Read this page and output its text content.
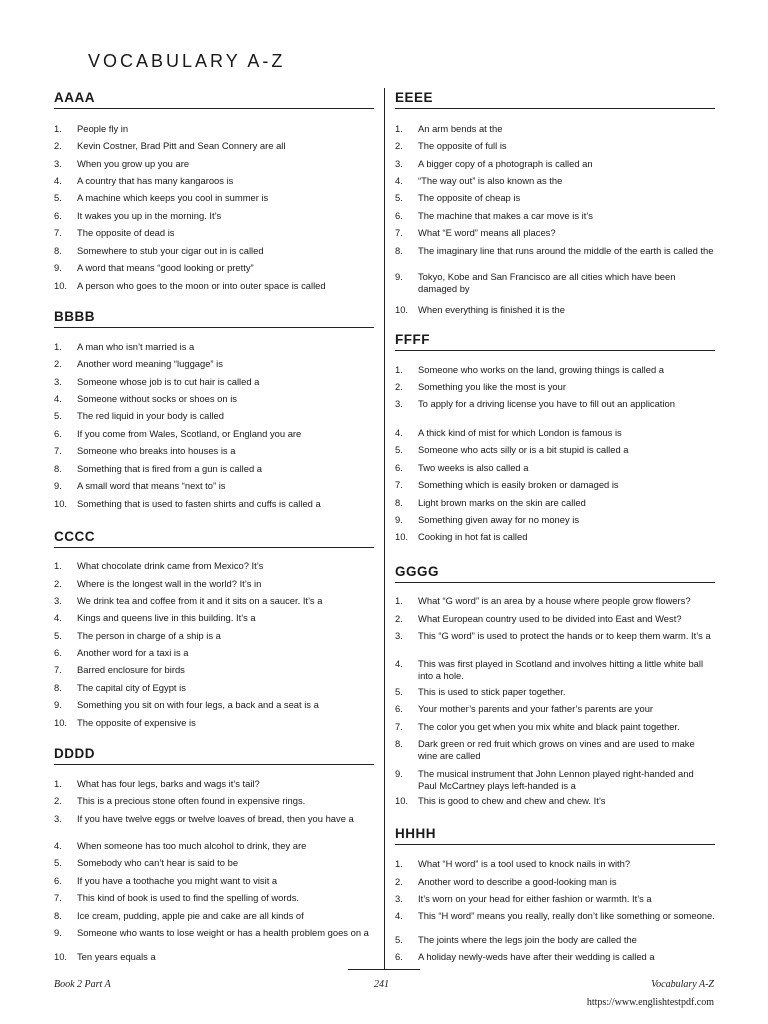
VOCABULARY A-Z
AAAA
1.	People fly in
2.	Kevin Costner, Brad Pitt and Sean Connery are all
3.	When you grow up you are
4.	A country that has many kangaroos is
5.	A machine which keeps you cool in summer is
6.	It wakes you up in the morning. It’s
7.	The opposite of dead is
8.	Somewhere to stub your cigar out in is called
9.	A word that means “good looking or pretty”
10.	A person who goes to the moon or into outer space is called
BBBB
1.	A man who isn’t married is a
2.	Another word meaning “luggage” is
3.	Someone whose job is to cut hair is called a
4.	Someone without socks or shoes on is
5.	The red liquid in your body is called
6.	If you come from Wales, Scotland, or England you are
7.	Someone who breaks into houses is a
8.	Something that is fired from a gun is called a
9.	A small word that means “next to” is
10.	Something that is used to fasten shirts and cuffs is called a
CCCC
1.	What chocolate drink came from Mexico? It’s
2.	Where is the longest wall in the world? It’s in
3.	We drink tea and coffee from it and it sits on a saucer. It’s a
4.	Kings and queens live in this building. It’s a
5.	The person in charge of a ship is a
6.	Another word for a taxi is a
7.	Barred enclosure for birds
8.	The capital city of Egypt is
9.	Something you sit on with four legs, a back and a seat is a
10.	The opposite of expensive is
DDDD
1.	What has four legs, barks and wags it’s tail?
2.	This is a precious stone often found in expensive rings.
3.	If you have twelve eggs or twelve loaves of bread, then you have a
4.	When someone has too much alcohol to drink, they are
5.	Somebody who can’t hear is said to be
6.	If you have a toothache you might want to visit a
7.	This kind of book is used to find the spelling of words.
8.	Ice cream, pudding, apple pie and cake are all kinds of
9.	Someone who wants to lose weight or has a health problem goes on a
10.	Ten years equals a
EEEE
1.	An arm bends at the
2.	The opposite of full is
3.	A bigger copy of a photograph is called an
4.	“The way out” is also known as the
5.	The opposite of cheap is
6.	The machine that makes a car move is it’s
7.	What “E word” means all places?
8.	The imaginary line that runs around the middle of the earth is called the
9.	Tokyo, Kobe and San Francisco are all cities which have been damaged by
10.	When everything is finished it is the
FFFF
1.	Someone who works on the land, growing things is called a
2.	Something you like the most is your
3.	To apply for a driving license you have to fill out an application
4.	A thick kind of mist for which London is famous is
5.	Someone who acts silly or is a bit stupid is called a
6.	Two weeks is also called a
7.	Something which is easily broken or damaged is
8.	Light brown marks on the skin are called
9.	Something given away for no money is
10.	Cooking in hot fat is called
GGGG
1.	What “G word” is an area by a house where people grow flowers?
2.	What European country used to be divided into East and West?
3.	This “G word” is used to protect the hands or to keep them warm. It’s a
4.	This was first played in Scotland and involves hitting a little white ball into a hole.
5.	This is used to stick paper together.
6.	Your mother’s parents and your father’s parents are your
7.	The color you get when you mix white and black paint together.
8.	Dark green or red fruit which grows on vines and are used to make wine are called
9.	The musical instrument that John Lennon played right-handed and Paul McCartney plays left-handed is a
10.	This is good to chew and chew and chew. It’s
HHHH
1.	What “H word” is a tool used to knock nails in with?
2.	Another word to describe a good-looking man is
3.	It’s worn on your head for either fashion or warmth. It’s a
4.	This “H word” means you really, really don’t like something or someone.
5.	The joints where the legs join the body are called the
6.	A holiday newly-weds have after their wedding is called a
Book 2 Part A	241	Vocabulary A-Z
https://www.englishtestpdf.com
